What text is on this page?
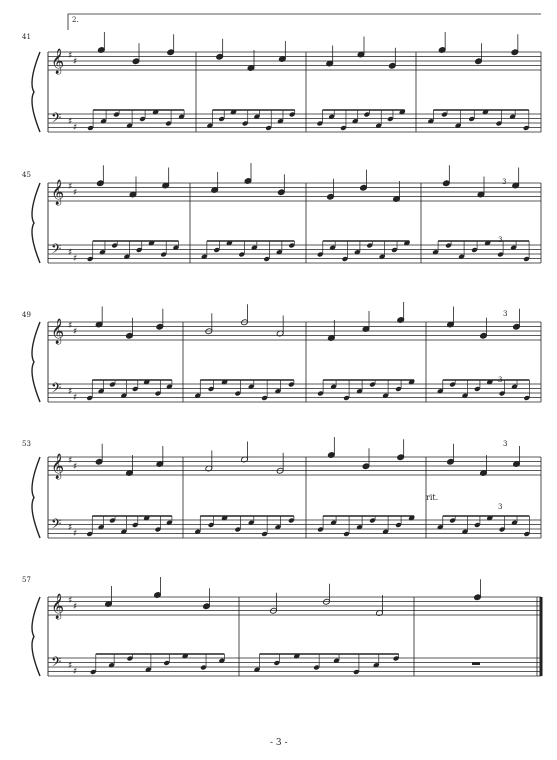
𝄞 ♯
♯
𝄢 ♯
♯
𝄞 ♯
♯
𝄢 ♯
♯
𝄞 ♯
♯
𝄢 ♯
♯
𝄞 ♯
♯
𝄢 ♯
♯
𝄞 ♯
♯
𝄢 ♯
♯
2.
41
45
49
53
57
rit.
3
3
3
3
3
3
- 3 -
